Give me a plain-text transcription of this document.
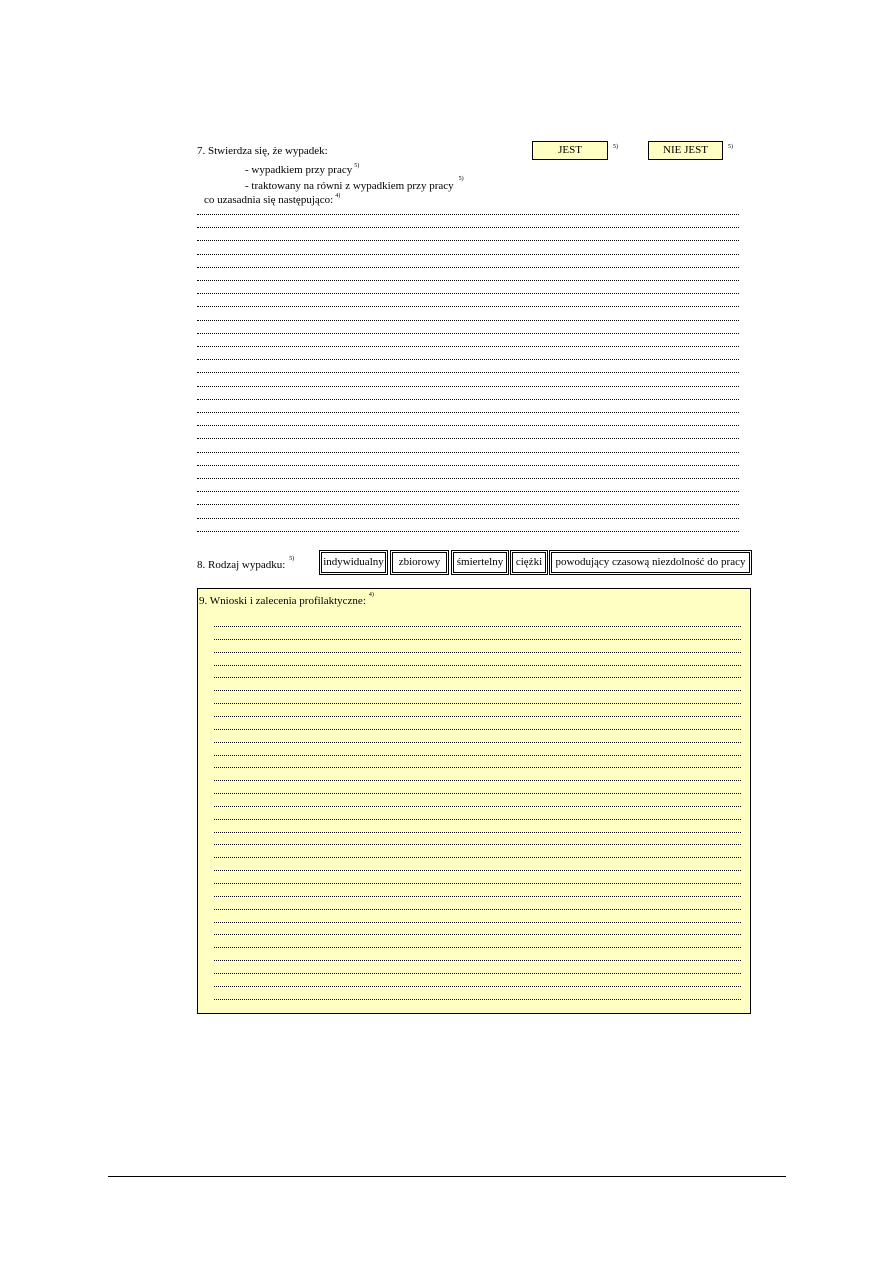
7. Stwierdza się, że wypadek:	JEST	5)	NIE JEST	5)
- wypadkiem przy pracy $^{5)}$
- traktowany na równi z wypadkiem przy pracy$^{5)}$
co uzasadnia się następująco: $^{4)}$
8. Rodzaj wypadku: $^{5)}$	indywidualny	zbiorowy	śmiertelny	ciężki	powodujący czasową niezdolność do pracy
9. Wnioski i zalecenia profilaktyczne: $^{4)}$
